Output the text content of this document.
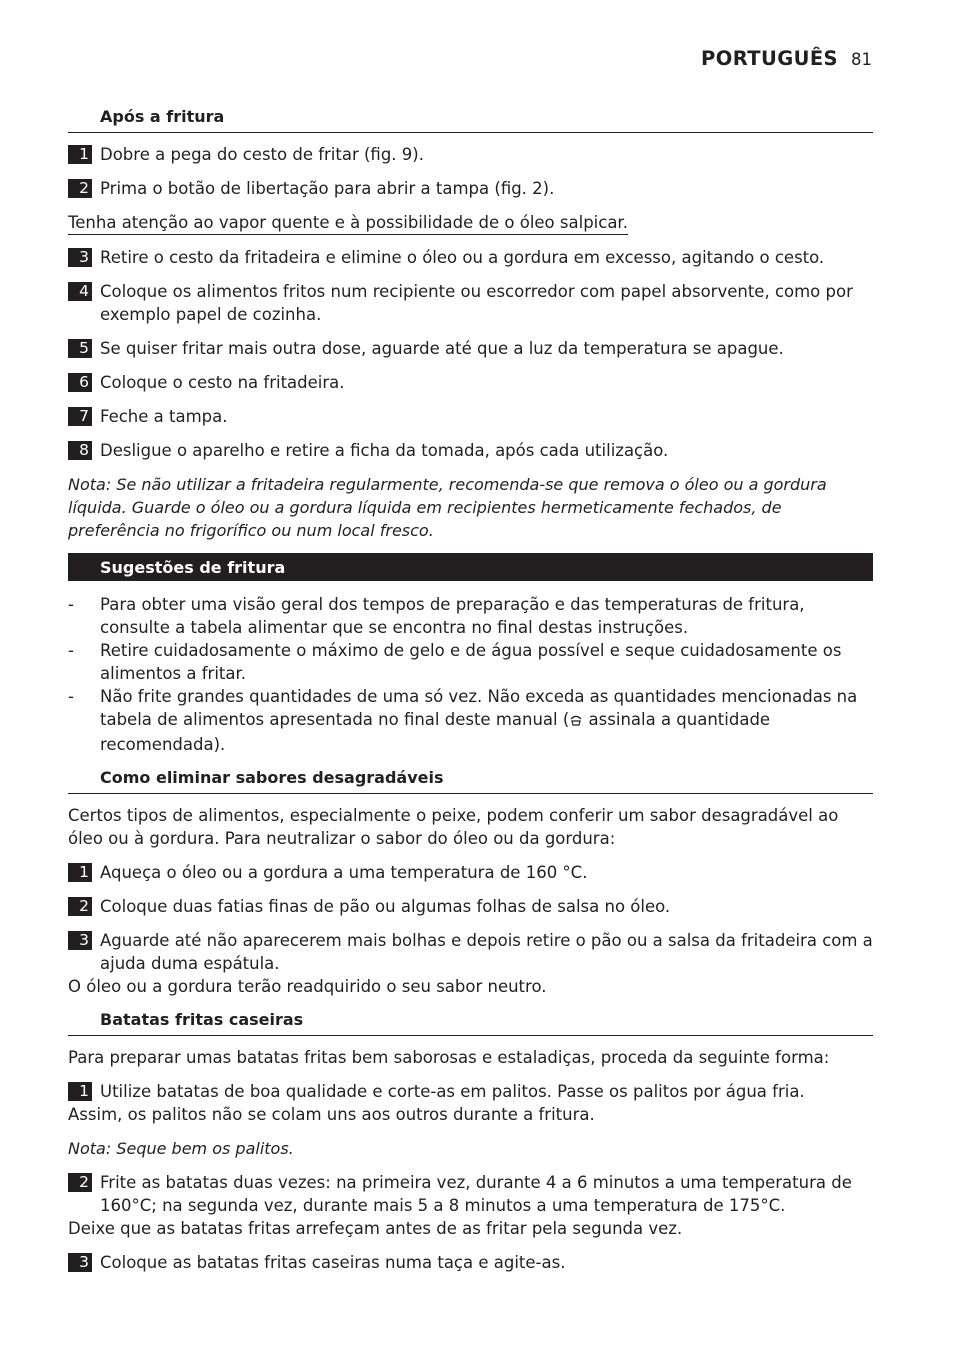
PORTUGUÊS 81
Após a fritura
1 Dobre a pega do cesto de fritar (fig. 9).
2 Prima o botão de libertação para abrir a tampa (fig. 2).
Tenha atenção ao vapor quente e à possibilidade de o óleo salpicar.
3 Retire o cesto da fritadeira e elimine o óleo ou a gordura em excesso, agitando o cesto.
4 Coloque os alimentos fritos num recipiente ou escorredor com papel absorvente, como por exemplo papel de cozinha.
5 Se quiser fritar mais outra dose, aguarde até que a luz da temperatura se apague.
6 Coloque o cesto na fritadeira.
7 Feche a tampa.
8 Desligue o aparelho e retire a ficha da tomada, após cada utilização.
Nota: Se não utilizar a fritadeira regularmente, recomenda-se que remova o óleo ou a gordura líquida. Guarde o óleo ou a gordura líquida em recipientes hermeticamente fechados, de preferência no frigorífico ou num local fresco.
Sugestões de fritura
-	Para obter uma visão geral dos tempos de preparação e das temperaturas de fritura, consulte a tabela alimentar que se encontra no final destas instruções.
-	Retire cuidadosamente o máximo de gelo e de água possível e seque cuidadosamente os alimentos a fritar.
-	Não frite grandes quantidades de uma só vez. Não exceda as quantidades mencionadas na tabela de alimentos apresentada no final deste manual ( assinala a quantidade recomendada).
Como eliminar sabores desagradáveis
Certos tipos de alimentos, especialmente o peixe, podem conferir um sabor desagradável ao óleo ou à gordura. Para neutralizar o sabor do óleo ou da gordura:
1 Aqueça o óleo ou a gordura a uma temperatura de 160 °C.
2 Coloque duas fatias finas de pão ou algumas folhas de salsa no óleo.
3 Aguarde até não aparecerem mais bolhas e depois retire o pão ou a salsa da fritadeira com a ajuda duma espátula.
O óleo ou a gordura terão readquirido o seu sabor neutro.
Batatas fritas caseiras
Para preparar umas batatas fritas bem saborosas e estaladiças, proceda da seguinte forma:
1 Utilize batatas de boa qualidade e corte-as em palitos. Passe os palitos por água fria.
Assim, os palitos não se colam uns aos outros durante a fritura.
Nota: Seque bem os palitos.
2 Frite as batatas duas vezes: na primeira vez, durante 4 a 6 minutos a uma temperatura de 160°C; na segunda vez, durante mais 5 a 8 minutos a uma temperatura de 175°C.
Deixe que as batatas fritas arrefeçam antes de as fritar pela segunda vez.
3 Coloque as batatas fritas caseiras numa taça e agite-as.
